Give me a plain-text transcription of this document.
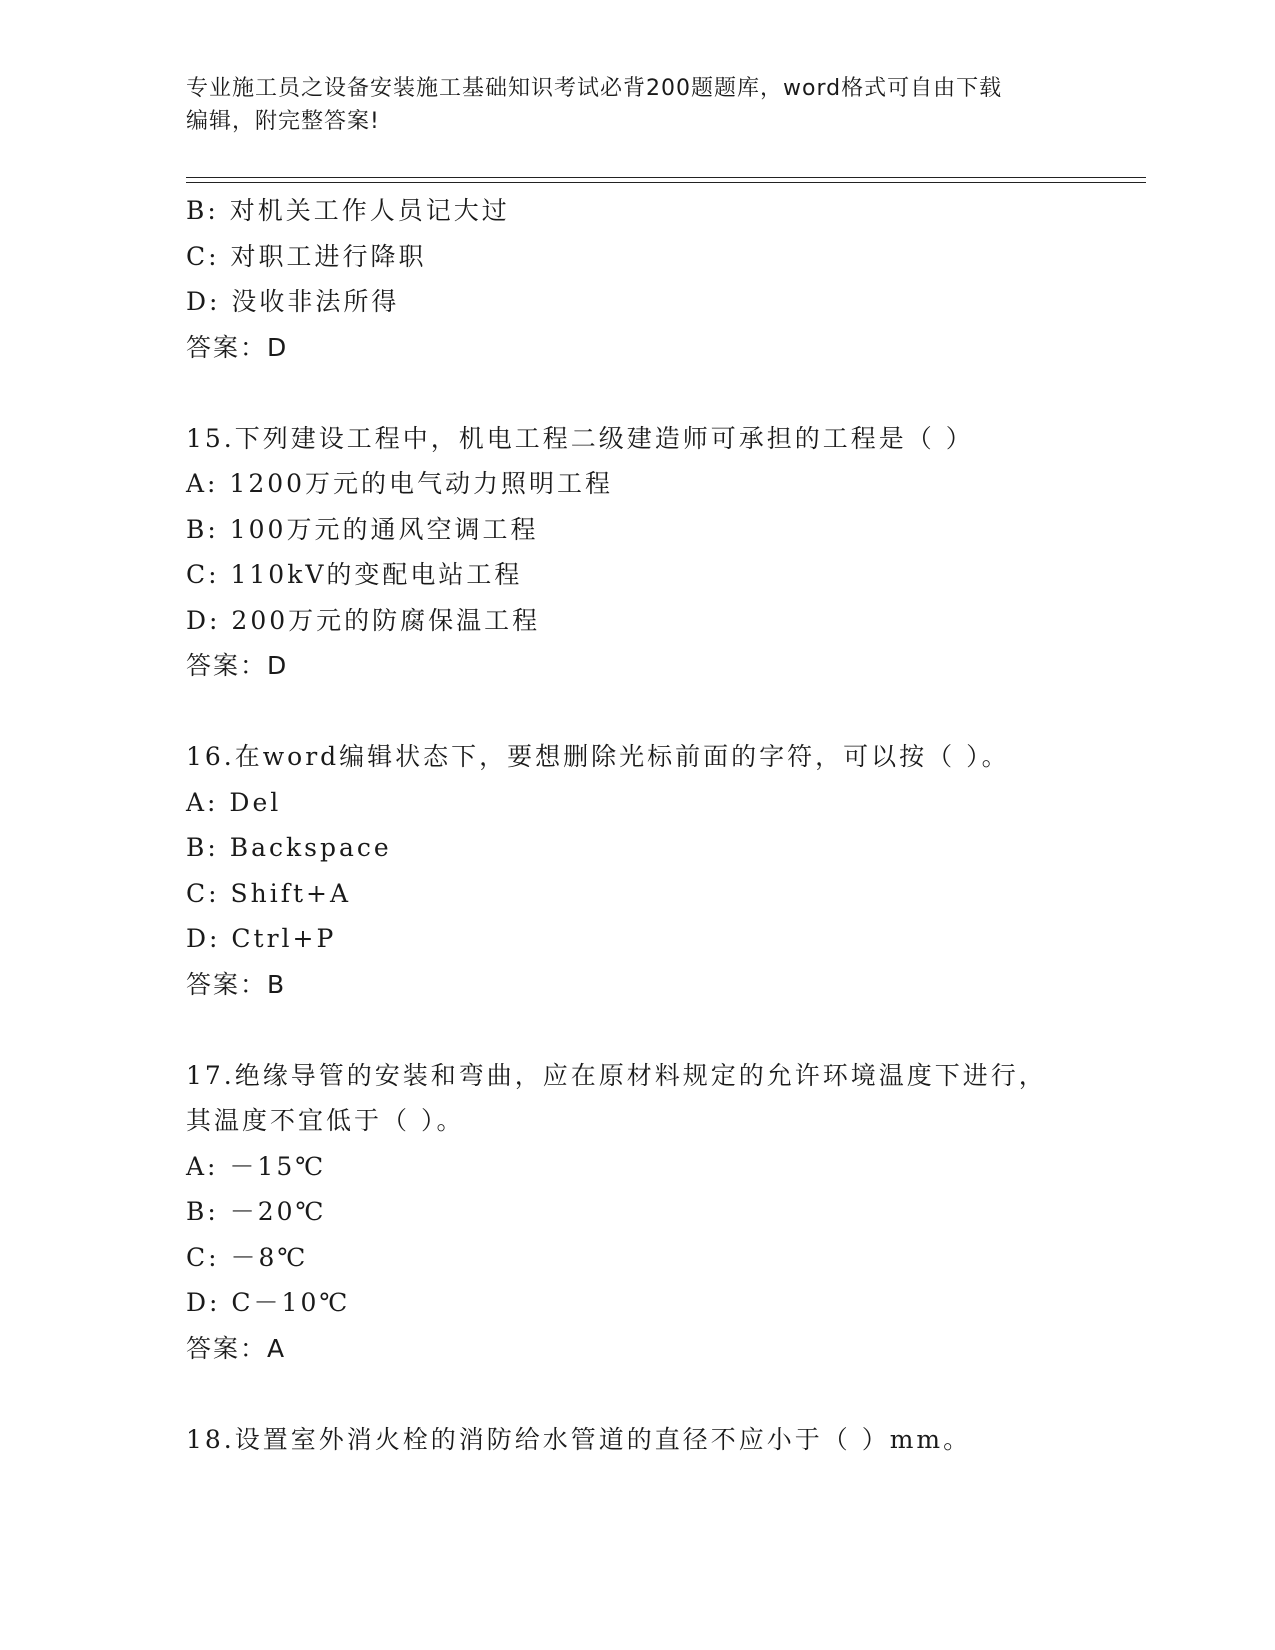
专业施工员之设备安装施工基础知识考试必背200题题库，word格式可自由下载
编辑，附完整答案!
B: 对机关工作人员记大过
C: 对职工进行降职
D: 没收非法所得
答案：D
15.下列建设工程中，机电工程二级建造师可承担的工程是（ ）
A: 1200万元的电气动力照明工程
B: 100万元的通风空调工程
C: 110kV的变配电站工程
D: 200万元的防腐保温工程
答案：D
16.在word编辑状态下，要想删除光标前面的字符，可以按（ ）。
A: Del
B: Backspace
C: Shift+A
D: Ctrl+P
答案：B
17.绝缘导管的安装和弯曲，应在原材料规定的允许环境温度下进行，
其温度不宜低于（ ）。
A: －15℃
B: －20℃
C: －8℃
D: C－10℃
答案：A
18.设置室外消火栓的消防给水管道的直径不应小于（ ）mm。
